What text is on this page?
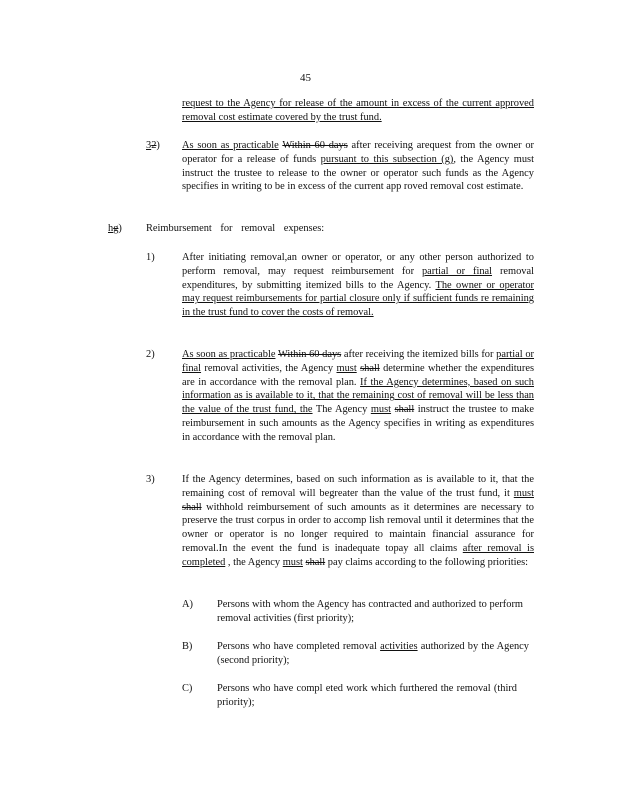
45
request to the Agency for release of the amount in excess of the current approved removal cost estimate covered by the trust fund.
32) As soon as practicable Within 60 days after receiving arequest from the owner or operator for a release of funds pursuant to this subsection (g), the Agency must instruct the trustee to release to the owner or operator such funds as the Agency specifies in writing to be in excess of the current app roved removal cost estimate.
hg) Reimbursement for removal expenses:
1)	After initiating removal,an owner or operator, or any other person authorized to perform removal, may request reimbursement for partial or final removal expenditures, by submitting itemized bills to the Agency. The owner or operator may request reimbursements for partial closure only if sufficient funds re remaining in the trust fund to cover the costs of removal.
2)	As soon as practicable Within 60 days after receiving the itemized bills for partial or final removal activities, the Agency must shall determine whether the expenditures are in accordance with the removal plan. If the Agency determines, based on such information as is available to it, that the remaining cost of removal will be less than the value of the trust fund, the The Agency must shall instruct the trustee to make reimbursement in such amounts as the Agency specifies in writing as expenditures in accordance with the removal plan.
3)	If the Agency determines, based on such information as is available to it, that the remaining cost of removal will begreater than the value of the trust fund, it must shall withhold reimbursement of such amounts as it determines are necessary to preserve the trust corpus in order to accomp lish removal until it determines that the owner or operator is no longer required to maintain financial assurance for removal.In the event the fund is inadequate topay all claims after removal is completed , the Agency must shall pay claims according to the following priorities:
A) Persons with whom the Agency has contracted and authorized to perform removal activities (first priority);
B) Persons who have completed removal activities authorized by the Agency (second priority);
C) Persons who have compl eted work which furthered the removal (third priority);
